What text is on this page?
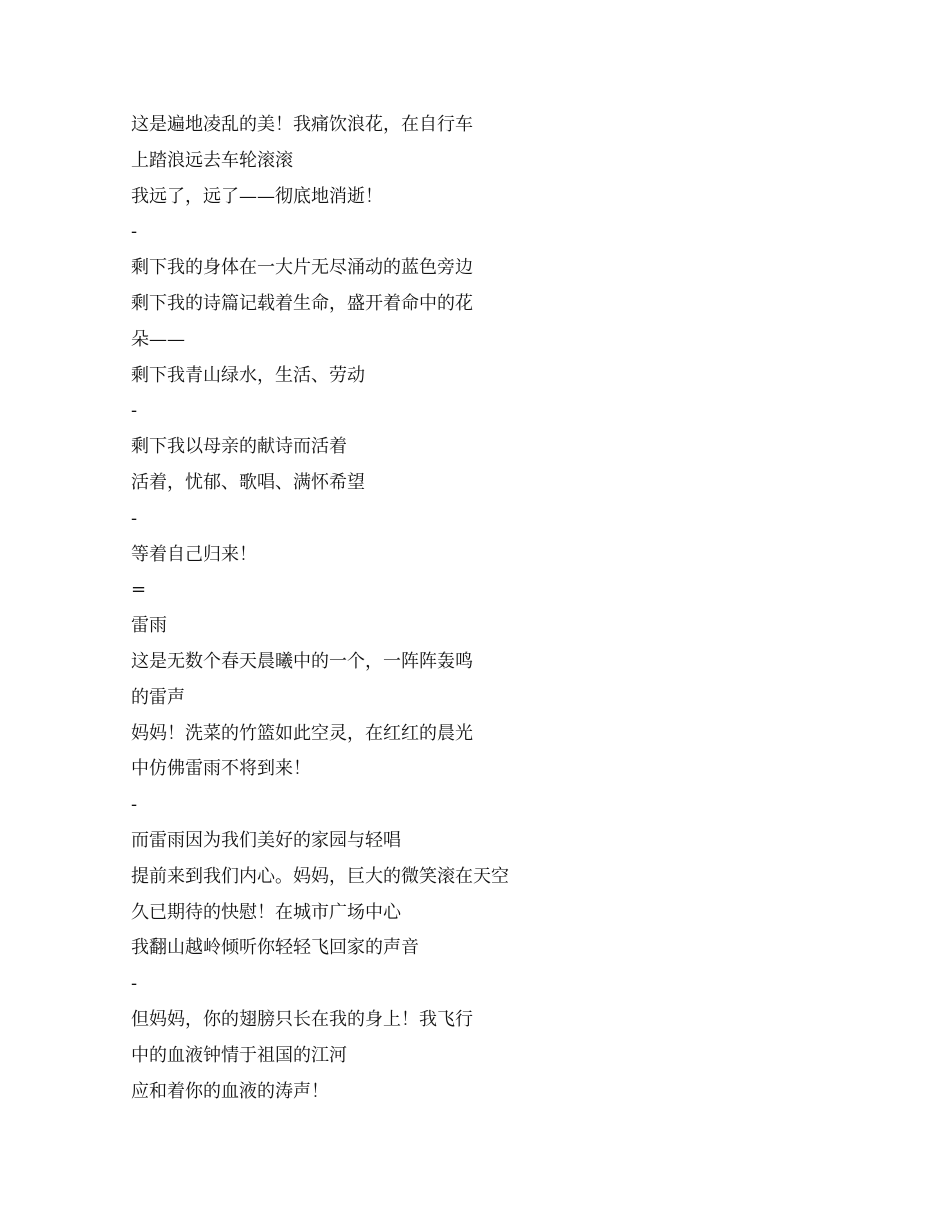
这是遍地凌乱的美！我痛饮浪花，在自行车
上踏浪远去车轮滚滚
我远了，远了——彻底地消逝！
-
剩下我的身体在一大片无尽涌动的蓝色旁边
剩下我的诗篇记载着生命，盛开着命中的花
朵——
剩下我青山绿水，生活、劳动
-
剩下我以母亲的献诗而活着
活着，忧郁、歌唱、满怀希望
-
等着自己归来！
=
雷雨
这是无数个春天晨曦中的一个，一阵阵轰鸣
的雷声
妈妈！洗菜的竹篮如此空灵，在红红的晨光
中仿佛雷雨不将到来！
-
而雷雨因为我们美好的家园与轻唱
提前来到我们内心。妈妈，巨大的微笑滚在天空
久已期待的快慰！在城市广场中心
我翻山越岭倾听你轻轻飞回家的声音
-
但妈妈，你的翅膀只长在我的身上！我飞行
中的血液钟情于祖国的江河
应和着你的血液的涛声！
